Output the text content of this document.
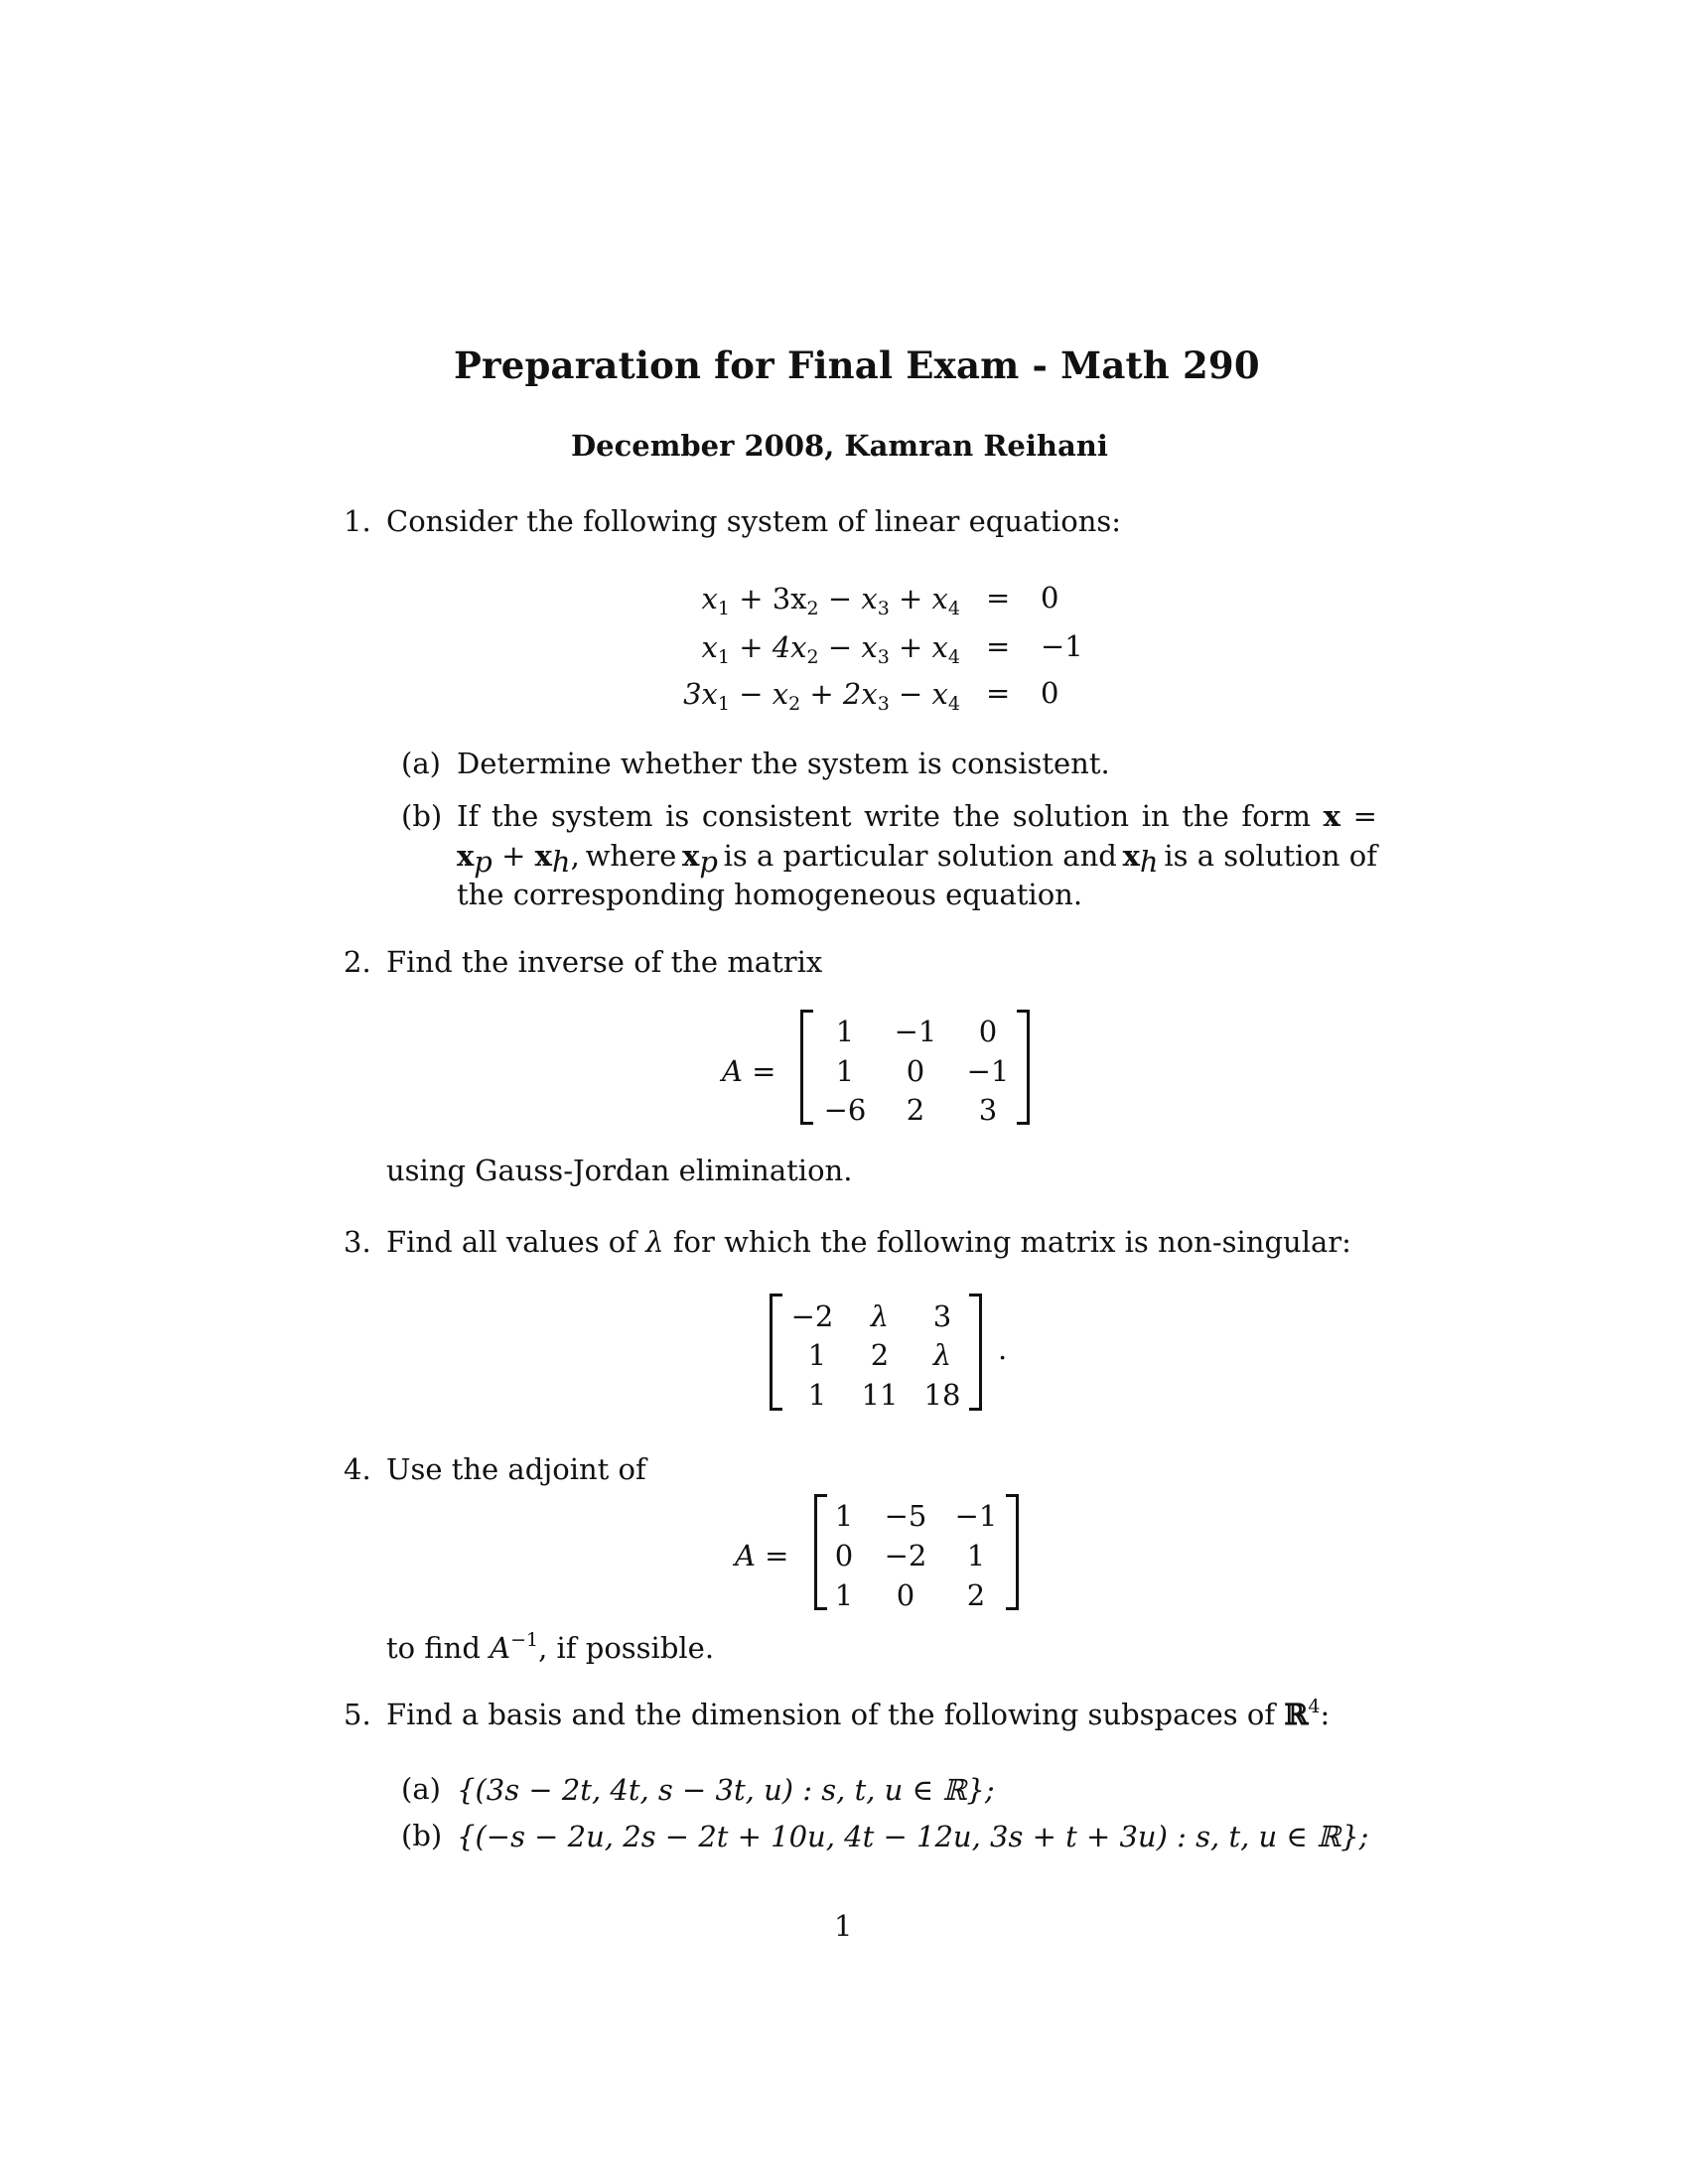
Preparation for Final Exam - Math 290
December 2008, Kamran Reihani
1. Consider the following system of linear equations:
$x_1 + 3x_2 - x_3 + x_4 = 0$
$x_1 + 4x_2 - x_3 + x_4 = -1$
$3x_1 - x_2 + 2x_3 - x_4 = 0$
(a) Determine whether the system is consistent.
(b) If the system is consistent write the solution in the form x =
$x_p + x_h$, where $x_p$ is a particular solution and $x_h$ is a solution of
the corresponding homogeneous equation.
2. Find the inverse of the matrix
A =
1	−1	0
1	0	−1
−6	2	3
using Gauss-Jordan elimination.
3. Find all values of λ for which the following matrix is non-singular:
−2	λ	3
1	2	λ
1	11 18
.
4. Use the adjoint of
A =
1	−5 −1
0	−2	1
1	0	2
to find $A^{-1}$, if possible.
5. Find a basis and the dimension of the following subspaces of ℝ$^4$:
(a) {(3s − 2t, 4t, s − 3t, u) : s, t, u ∈ ℝ};
(b) {(−s − 2u, 2s − 2t + 10u, 4t − 12u, 3s + t + 3u) : s, t, u ∈ ℝ};
1
